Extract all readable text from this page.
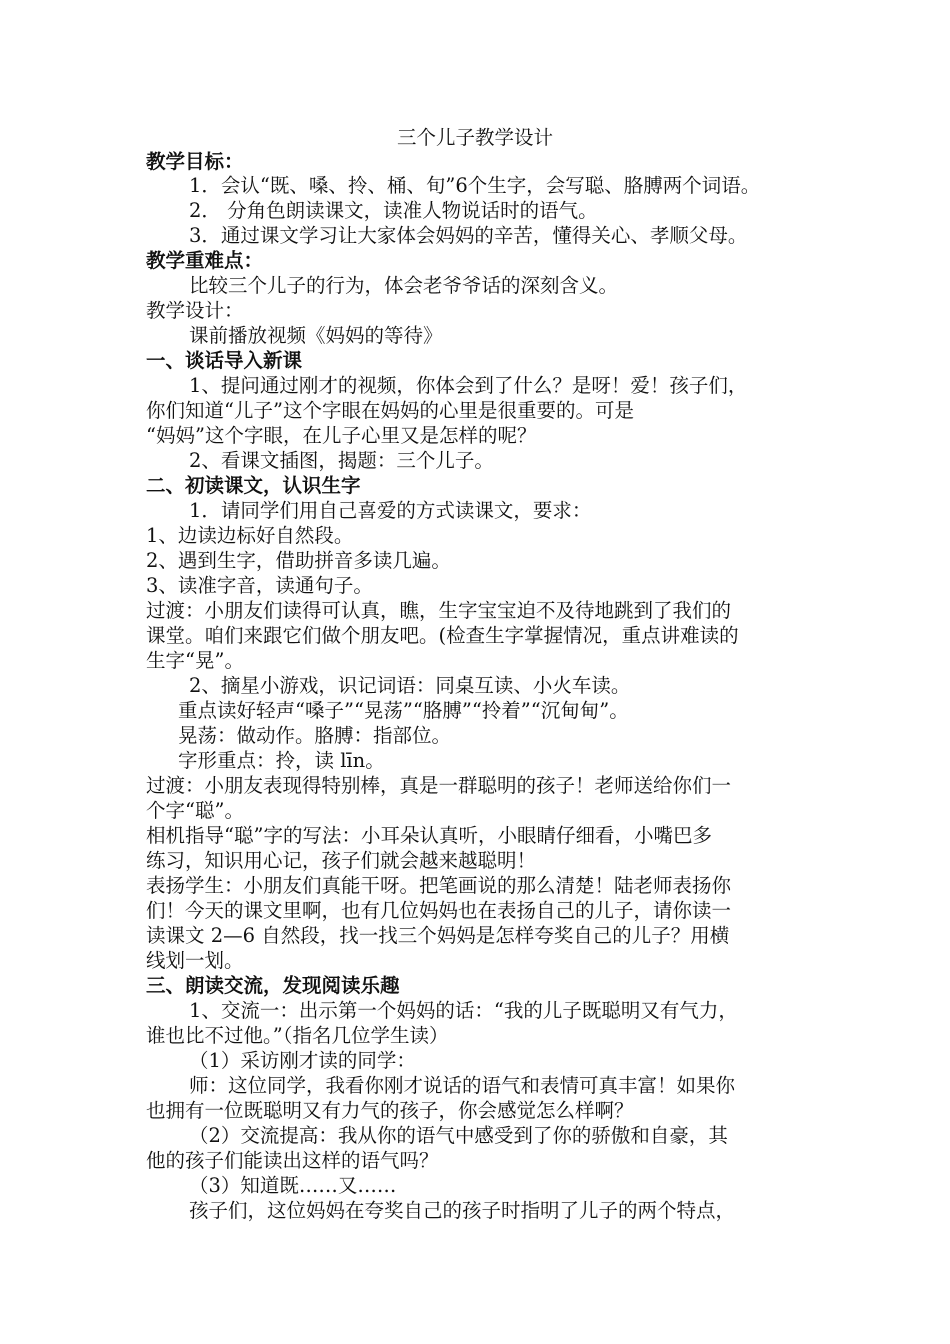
三个儿子教学设计
教学目标：
1．会认“既、嗓、拎、桶、旬”6个生字，会写聪、胳膊两个词语。
2． 分角色朗读课文，读准人物说话时的语气。
3．通过课文学习让大家体会妈妈的辛苦，懂得关心、孝顺父母。
教学重难点：
比较三个儿子的行为，体会老爷爷话的深刻含义。
教学设计：
课前播放视频《妈妈的等待》
一、谈话导入新课
1、提问通过刚才的视频，你体会到了什么？是呀！爱！孩子们，
你们知道“儿子”这个字眼在妈妈的心里是很重要的。可是
“妈妈”这个字眼，在儿子心里又是怎样的呢？
2、看课文插图，揭题：三个儿子。
二、初读课文，认识生字
1．请同学们用自己喜爱的方式读课文，要求：
1、边读边标好自然段。
2、遇到生字，借助拼音多读几遍。
3、读准字音，读通句子。
过渡：小朋友们读得可认真，瞧，生字宝宝迫不及待地跳到了我们的
课堂。咱们来跟它们做个朋友吧。(检查生字掌握情况，重点讲难读的
生字“晃”。
2、摘星小游戏，识记词语：同桌互读、小火车读。
重点读好轻声“嗓子”“晃荡”“胳膊”“拎着”“沉甸甸”。
晃荡：做动作。胳膊：指部位。
字形重点：拎，读 līn。
过渡：小朋友表现得特别棒，真是一群聪明的孩子！老师送给你们一
个字“聪”。
相机指导“聪”字的写法：小耳朵认真听，小眼睛仔细看，小嘴巴多
练习，知识用心记，孩子们就会越来越聪明！
表扬学生：小朋友们真能干呀。把笔画说的那么清楚！陆老师表扬你
们！今天的课文里啊，也有几位妈妈也在表扬自己的儿子，请你读一
读课文 2—6 自然段，找一找三个妈妈是怎样夸奖自己的儿子？用横
线划一划。
三、朗读交流，发现阅读乐趣
1、交流一：出示第一个妈妈的话：“我的儿子既聪明又有气力，
谁也比不过他。”（指名几位学生读）
（1）采访刚才读的同学：
师：这位同学，我看你刚才说话的语气和表情可真丰富！如果你
也拥有一位既聪明又有力气的孩子，你会感觉怎么样啊？
（2）交流提高：我从你的语气中感受到了你的骄傲和自豪，其
他的孩子们能读出这样的语气吗？
（3）知道既……又……
孩子们，这位妈妈在夸奖自己的孩子时指明了儿子的两个特点，
